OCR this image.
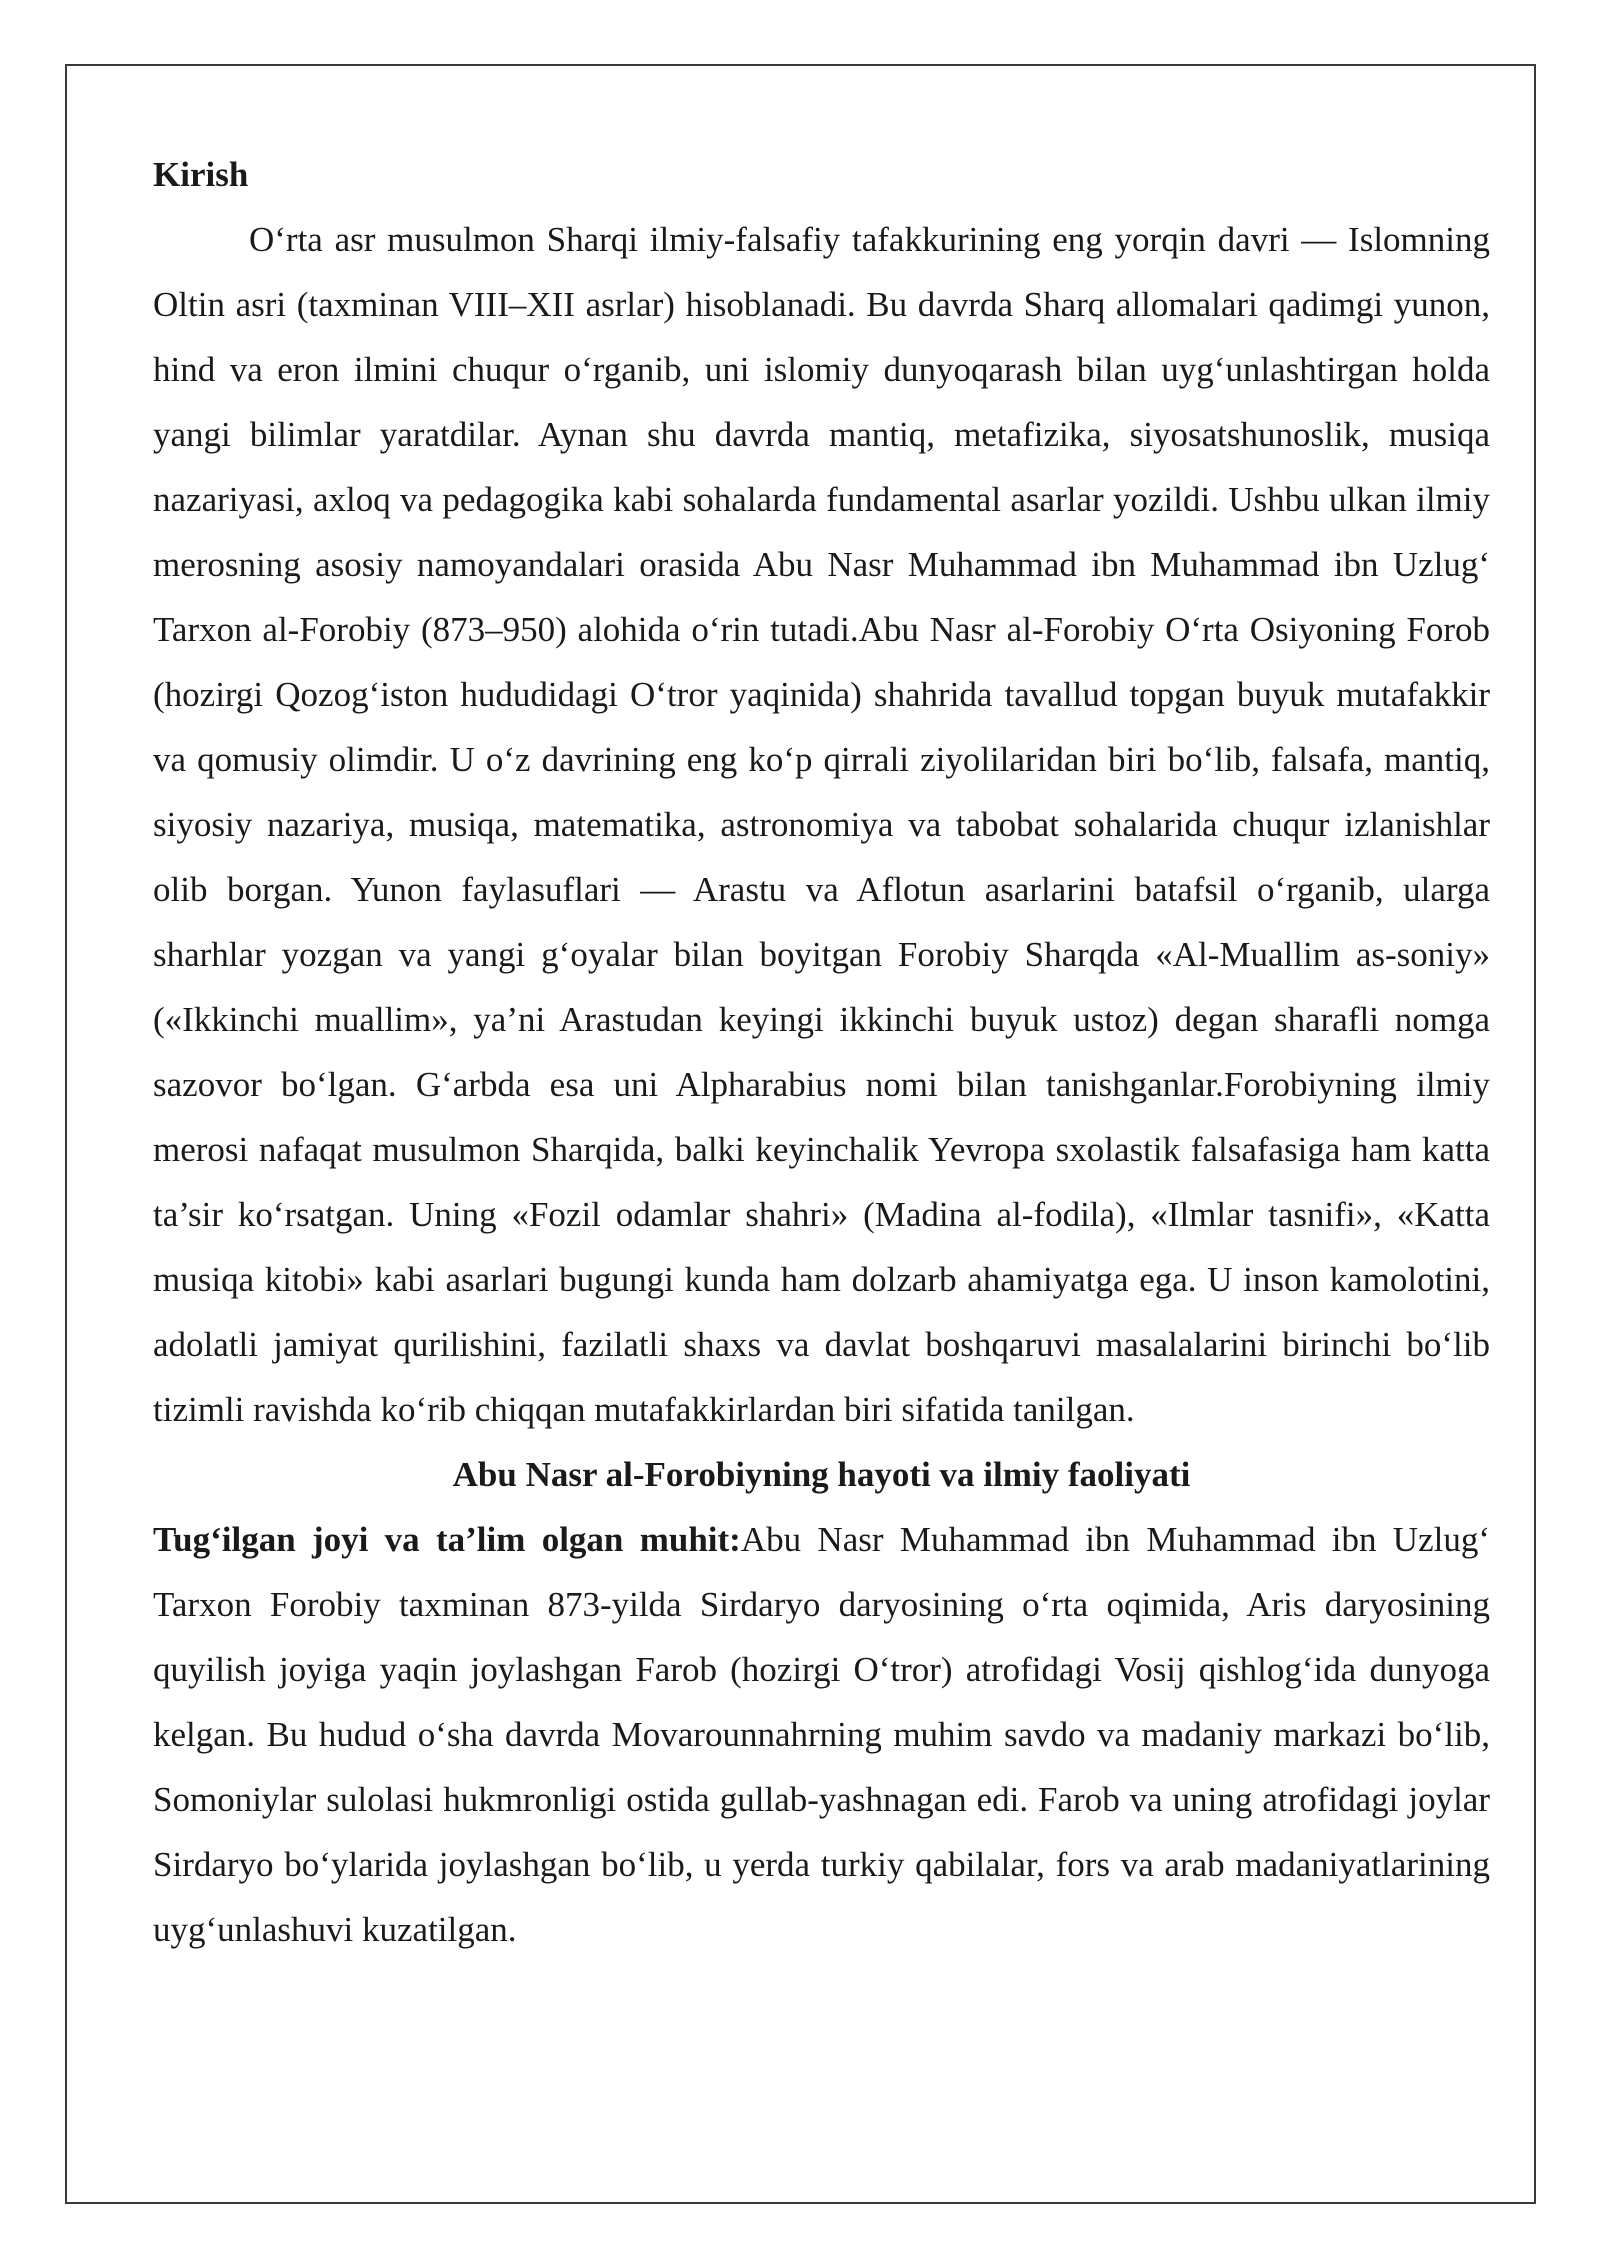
Kirish

O‘rta asr musulmon Sharqi ilmiy-falsafiy tafakkurining eng yorqin davri — Islomning Oltin asri (taxminan VIII–XII asrlar) hisoblanadi. Bu davrda Sharq allomalari qadimgi yunon, hind va eron ilmini chuqur o‘rganib, uni islomiy dunyoqarash bilan uyg‘unlashtirgan holda yangi bilimlar yaratdilar. Aynan shu davrda mantiq, metafizika, siyosatshunoslik, musiqa nazariyasi, axloq va pedagogika kabi sohalarda fundamental asarlar yozildi. Ushbu ulkan ilmiy merosning asosiy namoyandalari orasida Abu Nasr Muhammad ibn Muhammad ibn Uzlug‘ Tarxon al-Forobiy (873–950) alohida o‘rin tutadi.Abu Nasr al-Forobiy O‘rta Osiyoning Forob (hozirgi Qozog‘iston hududidagi O‘tror yaqinida) shahrida tavallud topgan buyuk mutafakkir va qomusiy olimdir. U o‘z davrining eng ko‘p qirrali ziyolilaridan biri bo‘lib, falsafa, mantiq, siyosiy nazariya, musiqa, matematika, astronomiya va tabobat sohalarida chuqur izlanishlar olib borgan. Yunon faylasuflari — Arastu va Aflotun asarlarini batafsil o‘rganib, ularga sharhlar yozgan va yangi g‘oyalar bilan boyitgan Forobiy Sharqda «Al-Muallim as-soniy» («Ikkinchi muallim», ya’ni Arastudan keyingi ikkinchi buyuk ustoz) degan sharafli nomga sazovor bo‘lgan. G‘arbda esa uni Alpharabius nomi bilan tanishganlar.Forobiyning ilmiy merosi nafaqat musulmon Sharqida, balki keyinchalik Yevropa sxolastik falsafasiga ham katta ta’sir ko‘rsatgan. Uning «Fozil odamlar shahri» (Madina al-fodila), «Ilmlar tasnifi», «Katta musiqa kitobi» kabi asarlari bugungi kunda ham dolzarb ahamiyatga ega. U inson kamolotini, adolatli jamiyat qurilishini, fazilatli shaxs va davlat boshqaruvi masalalarini birinchi bo‘lib tizimli ravishda ko‘rib chiqqan mutafakkirlardan biri sifatida tanilgan.

Abu Nasr al-Forobiyning hayoti va ilmiy faoliyati

Tug‘ilgan joyi va ta’lim olgan muhit:Abu Nasr Muhammad ibn Muhammad ibn Uzlug‘ Tarxon Forobiy taxminan 873-yilda Sirdaryo daryosining o‘rta oqimida, Aris daryosining quyilish joyiga yaqin joylashgan Farob (hozirgi O‘tror) atrofidagi Vosij qishlog‘ida dunyoga kelgan. Bu hudud o‘sha davrda Movarounnahrning muhim savdo va madaniy markazi bo‘lib, Somoniylar sulolasi hukmronligi ostida gullab-yashnagan edi. Farob va uning atrofidagi joylar Sirdaryo bo‘ylarida joylashgan bo‘lib, u yerda turkiy qabilalar, fors va arab madaniyatlarining uyg‘unlashuvi kuzatilgan.
